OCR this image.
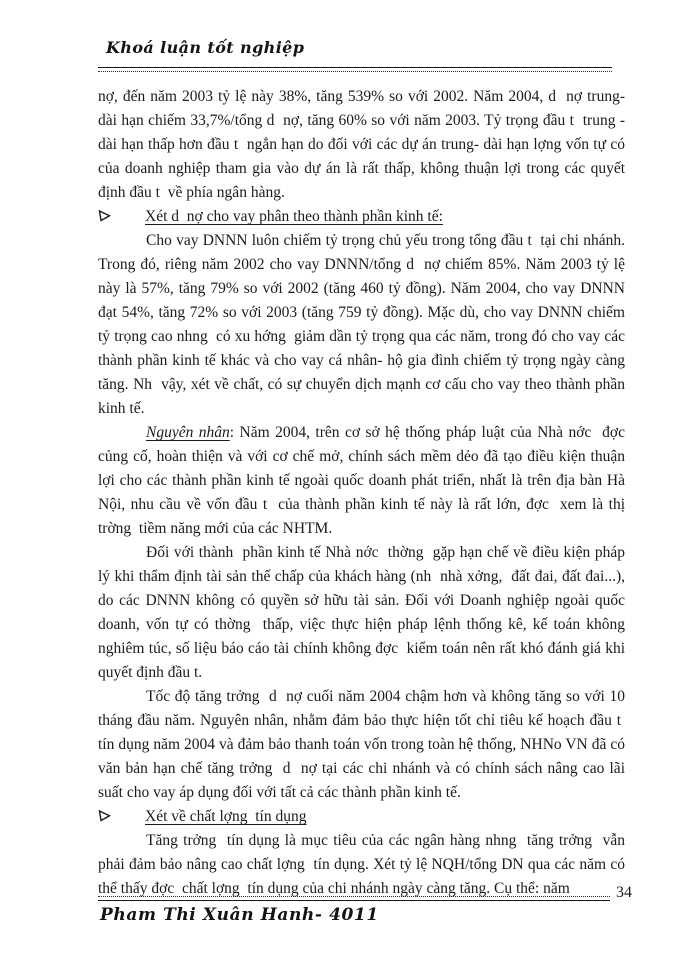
Khoá luận tốt nghiệp

nợ, đến năm 2003 tỷ lệ này 38%, tăng 539% so với 2002. Năm 2004, d  nợ trung- dài hạn chiếm 33,7%/tổng d  nợ, tăng 60% so với năm 2003. Tỷ trọng đầu t  trung - dài hạn thấp hơn đầu t  ngắn hạn do đối với các dự án trung- dài hạn lợng vốn tự có của doanh nghiệp tham gia vào dự án là rất thấp, không thuận lợi trong các quyết định đầu t  về phía ngân hàng.

Xét d  nợ cho vay phân theo thành phần kinh tế:

Cho vay DNNN luôn chiếm tỷ trọng chủ yếu trong tổng đầu t  tại chi nhánh. Trong đó, riêng năm 2002 cho vay DNNN/tổng d  nợ chiếm 85%. Năm 2003 tỷ lệ này là 57%, tăng 79% so với 2002 (tăng 460 tỷ đồng). Năm 2004, cho vay DNNN đạt 54%, tăng 72% so với 2003 (tăng 759 tỷ đồng). Mặc dù, cho vay DNNN chiếm tỷ trọng cao nhng  có xu hớng  giảm dần tỷ trọng qua các năm, trong đó cho vay các thành phần kinh tế khác và cho vay cá nhân- hộ gia đình chiếm tỷ trọng ngày càng tăng. Nh  vậy, xét về chất, có sự chuyển dịch mạnh cơ cấu cho vay theo thành phần kinh tế.

Nguyên nhân: Năm 2004, trên cơ sở hệ thống pháp luật của Nhà nớc  đợc củng cố, hoàn thiện và với cơ chế mở, chính sách mềm dẻo đã tạo điều kiện thuận lợi cho các thành phần kinh tế ngoài quốc doanh phát triển, nhất là trên địa bàn Hà Nội, nhu cầu về vốn đầu t  của thành phần kinh tế này là rất lớn, đợc  xem là thị trờng  tiềm năng mới của các NHTM.

Đối với thành  phần kinh tế Nhà nớc  thờng  gặp hạn chế về điều kiện pháp lý khi thẩm định tài sản thế chấp của khách hàng (nh  nhà xởng,  đất đai, đất đai...), do các DNNN không có quyền sở hữu tài sản. Đối với Doanh nghiệp ngoài quốc doanh, vốn tự có thờng  thấp, việc thực hiện pháp lệnh thống kê, kế toán không nghiêm túc, số liệu báo cáo tài chính không đợc  kiểm toán nên rất khó đánh giá khi quyết định đầu t.

Tốc độ tăng trởng  d  nợ cuối năm 2004 chậm hơn và không tăng so với 10 tháng đầu năm. Nguyên nhân, nhằm đảm bảo thực hiện tốt chỉ tiêu kế hoạch đầu t  tín dụng năm 2004 và đảm bảo thanh toán vốn trong toàn hệ thống, NHNo VN đã có văn bản hạn chế tăng trởng  d  nợ tại các chi nhánh và có chính sách nâng cao lãi suất cho vay áp dụng đối với tất cả các thành phần kinh tế.

Xét về chất lợng  tín dụng

Tăng trởng  tín dụng là mục tiêu của các ngân hàng nhng  tăng trởng  vẫn phải đảm bảo nâng cao chất lợng  tín dụng. Xét tỷ lệ NQH/tổng DN qua các năm có thể thấy đợc  chất lợng  tín dụng của chi nhánh ngày càng tăng. Cụ thể: năm

Pham Thi Xuân Hanh- 4011
34
